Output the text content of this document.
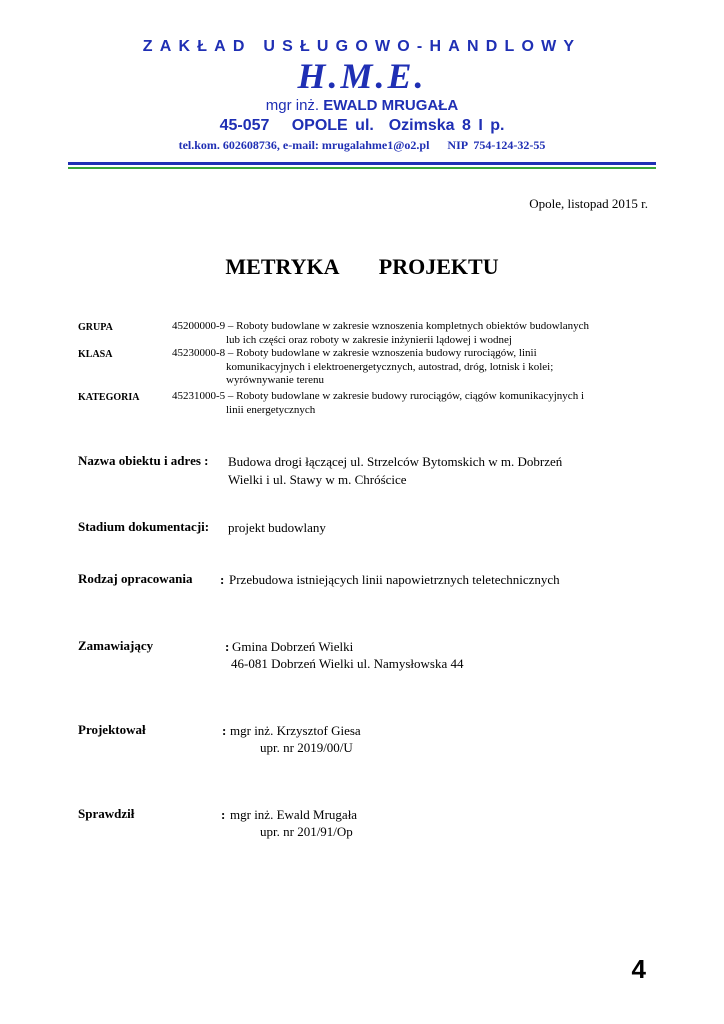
ZAKŁAD USŁUGOWO-HANDLOWY
H.M.E.
mgr inż. EWALD MRUGAŁA
45-057   OPOLE ul.  Ozimska 8 I p.
tel.kom. 602608736, e-mail: mrugalahme1@o2.pl      NIP  754-124-32-55
Opole, listopad 2015 r.
METRYKA   PROJEKTU
GRUPA	45200000-9 – Roboty budowlane w zakresie wznoszenia kompletnych obiektów budowlanych
lub ich części oraz roboty w zakresie inżynierii lądowej i wodnej
KLASA	45230000-8 – Roboty budowlane w zakresie wznoszenia budowy rurociągów, linii
komunikacyjnych i elektroenergetycznych, autostrad, dróg, lotnisk i kolei;
wyrównywanie terenu
KATEGORIA	45231000-5 – Roboty budowlane w zakresie budowy rurociągów, ciągów komunikacyjnych i
linii energetycznych
Nazwa obiektu i adres : Budowa drogi łączącej ul. Strzelców Bytomskich w m. Dobrzeń
Wielki i ul. Stawy w m. Chróścice
Stadium dokumentacji: projekt budowlany
Rodzaj opracowania : Przebudowa istniejących linii napowietrznych teletechnicznych
Zamawiający	: Gmina Dobrzeń Wielki
46-081 Dobrzeń Wielki ul. Namysłowska 44
Projektował	: mgr inż. Krzysztof Giesa
upr. nr 2019/00/U
Sprawdził	: mgr inż. Ewald Mrugała
upr. nr 201/91/Op
4
